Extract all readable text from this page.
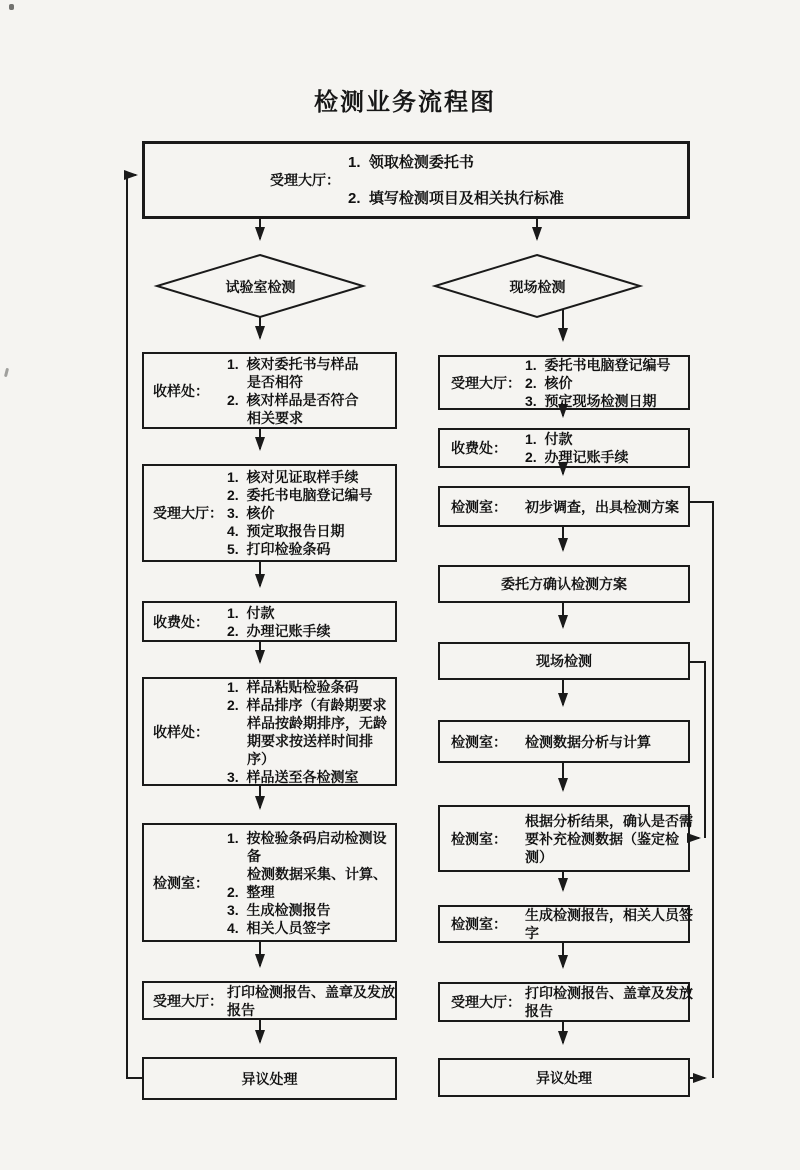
检测业务流程图
受理大厅：
1.  领取检测委托书
2.  填写检测项目及相关执行标准
试验室检测	现场检测
收样处：
1.  核对委托书与样品
是否相符
2.  核对样品是否符合
相关要求
受理大厅：
1.  核对见证取样手续
2.  委托书电脑登记编号
3.  核价
4.  预定取报告日期
5.  打印检验条码
收费处：
1.  付款
2.  办理记账手续
收样处：
1.  样品粘贴检验条码
2.  样品排序（有龄期要求
样品按龄期排序，无龄
期要求按送样时间排
序）
3.  样品送至各检测室
检测室：
1.  按检验条码启动检测设
备
检测数据采集、计算、
2.  整理
3.  生成检测报告
4.  相关人员签字
受理大厅：
打印检测报告、盖章及发放
报告
异议处理
受理大厅：
1.  委托书电脑登记编号
2.  核价
3.  预定现场检测日期
收费处：
1.  付款
2.  办理记账手续
检测室：	初步调查，出具检测方案
委托方确认检测方案
现场检测
检测室：	检测数据分析与计算
检测室：
根据分析结果，确认是否需
要补充检测数据（鉴定检
测）
检测室：
生成检测报告，相关人员签
字
受理大厅：
打印检测报告、盖章及发放
报告
异议处理
